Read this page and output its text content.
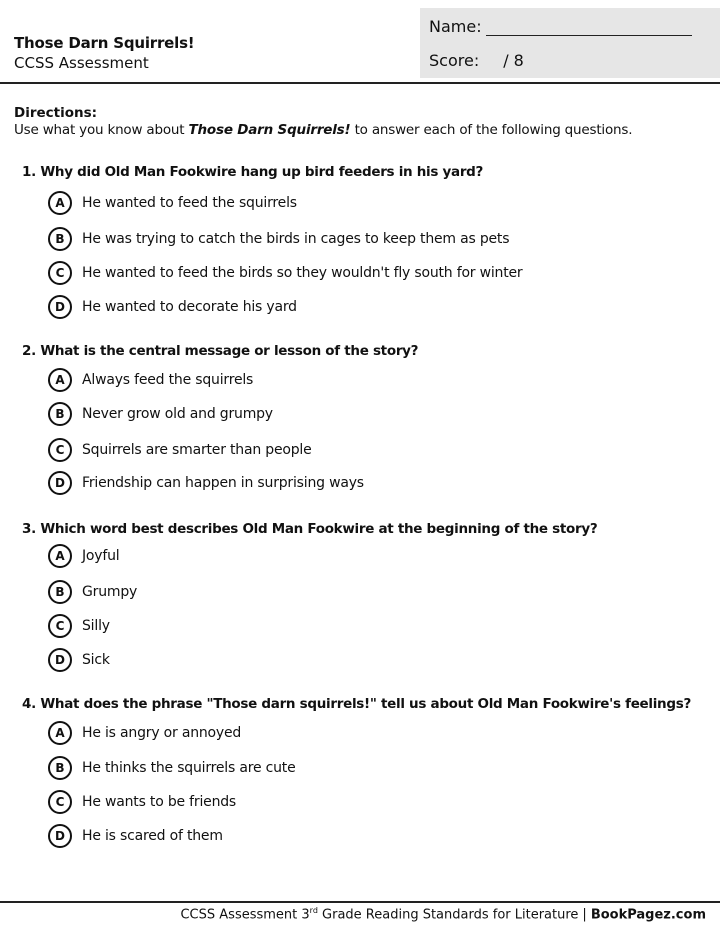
Those Darn Squirrels!
CCSS Assessment
Name:
Score: / 8
Directions:
Use what you know about Those Darn Squirrels! to answer each of the following questions.
1. Why did Old Man Fookwire hang up bird feeders in his yard?
A	He wanted to feed the squirrels
B	He was trying to catch the birds in cages to keep them as pets
C	He wanted to feed the birds so they wouldn't fly south for winter
D	He wanted to decorate his yard
2. What is the central message or lesson of the story?
A	Always feed the squirrels
B	Never grow old and grumpy
C	Squirrels are smarter than people
D	Friendship can happen in surprising ways
3. Which word best describes Old Man Fookwire at the beginning of the story?
A	Joyful
B	Grumpy
C	Silly
D	Sick
4. What does the phrase "Those darn squirrels!" tell us about Old Man Fookwire's feelings?
A	He is angry or annoyed
B	He thinks the squirrels are cute
C	He wants to be friends
D	He is scared of them
CCSS Assessment 3rd Grade Reading Standards for Literature | BookPagez.com
